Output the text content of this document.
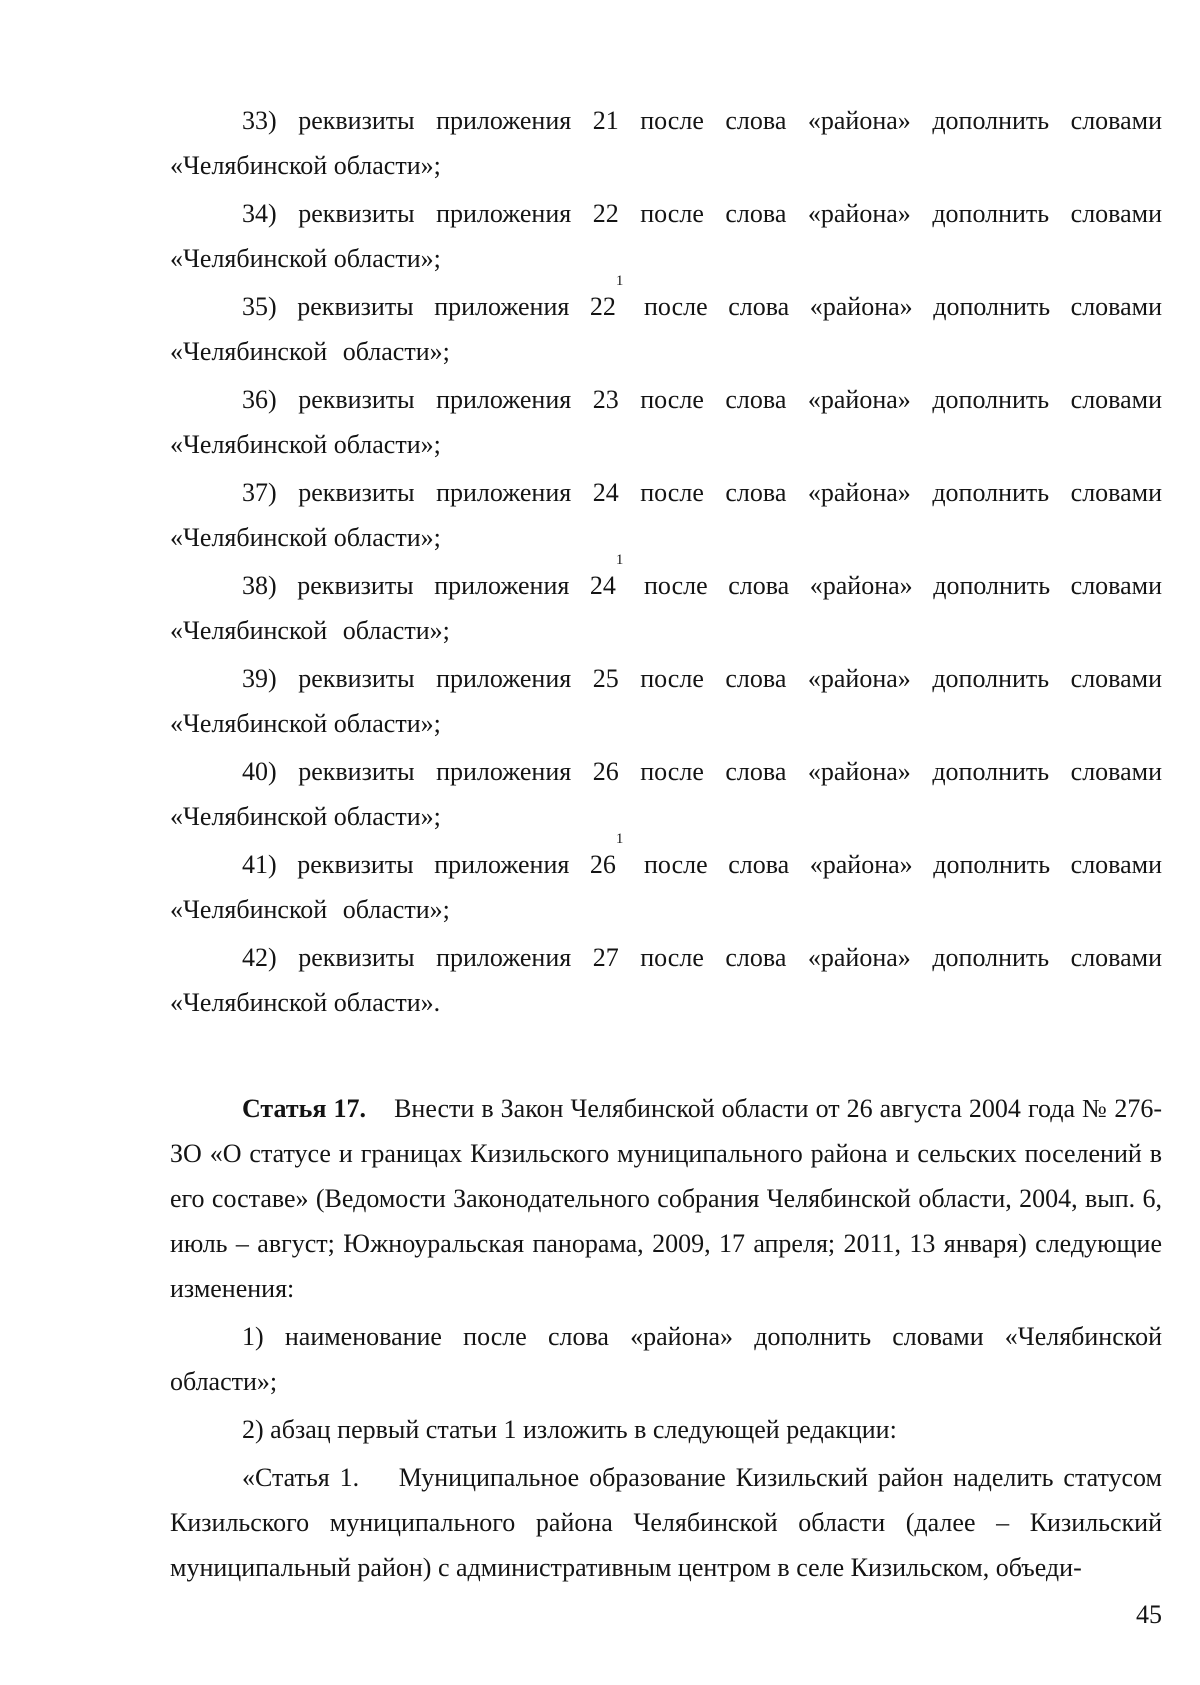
33) реквизиты приложения 21 после слова «района» дополнить словами «Челябинской области»;

34) реквизиты приложения 22 после слова «района» дополнить словами «Челябинской области»;

35) реквизиты приложения $22^1$ после слова «района» дополнить словами «Челябинской области»;

36) реквизиты приложения 23 после слова «района» дополнить словами «Челябинской области»;

37) реквизиты приложения 24 после слова «района» дополнить словами «Челябинской области»;

38) реквизиты приложения $24^1$ после слова «района» дополнить словами «Челябинской области»;

39) реквизиты приложения 25 после слова «района» дополнить словами «Челябинской области»;

40) реквизиты приложения 26 после слова «района» дополнить словами «Челябинской области»;

41) реквизиты приложения $26^1$ после слова «района» дополнить словами «Челябинской области»;

42) реквизиты приложения 27 после слова «района» дополнить словами «Челябинской области».

Статья 17. Внести в Закон Челябинской области от 26 августа 2004 года № 276-ЗО «О статусе и границах Кизильского муниципального района и сельских поселений в его составе» (Ведомости Законодательного собрания Челябинской области, 2004, вып. 6, июль – август; Южноуральская панорама, 2009, 17 апреля; 2011, 13 января) следующие изменения:

1) наименование после слова «района» дополнить словами «Челябинской области»;

2) абзац первый статьи 1 изложить в следующей редакции:

«Статья 1. Муниципальное образование Кизильский район наделить статусом Кизильского муниципального района Челябинской области (далее – Кизильский муниципальный район) с административным центром в селе Кизильском, объеди-

45
